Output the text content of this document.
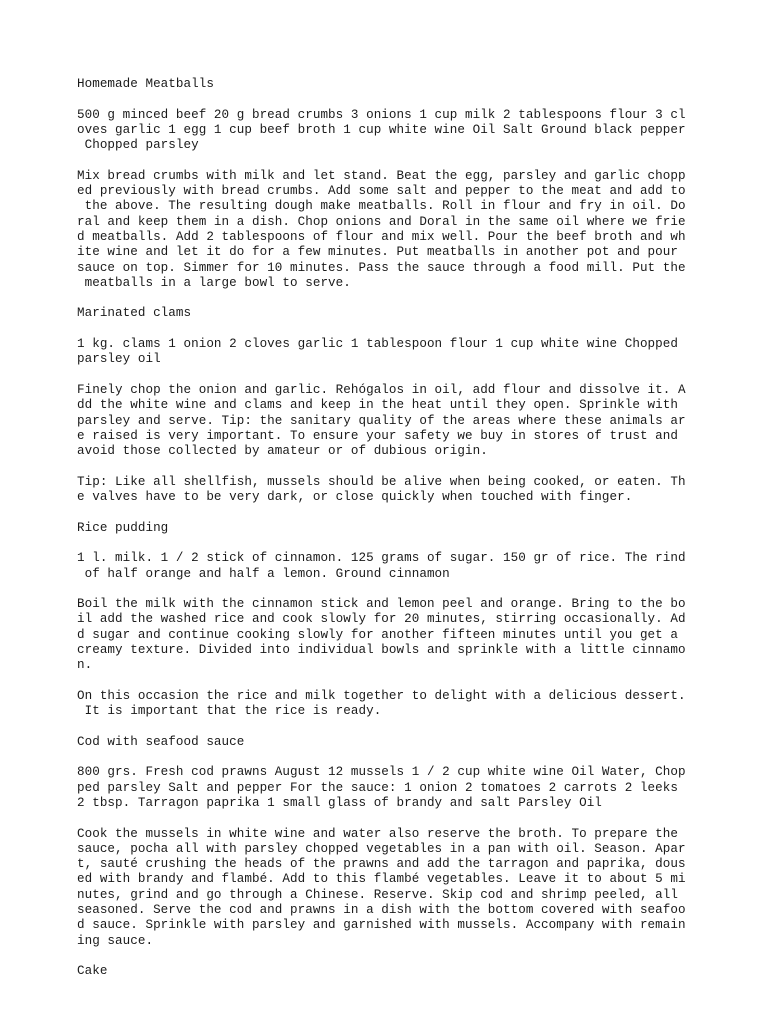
Homemade Meatballs

500 g minced beef 20 g bread crumbs 3 onions 1 cup milk 2 tablespoons flour 3 cl
oves garlic 1 egg 1 cup beef broth 1 cup white wine Oil Salt Ground black pepper
Chopped parsley

Mix bread crumbs with milk and let stand. Beat the egg, parsley and garlic chopp
ed previously with bread crumbs. Add some salt and pepper to the meat and add to
the above. The resulting dough make meatballs. Roll in flour and fry in oil. Do
ral and keep them in a dish. Chop onions and Doral in the same oil where we frie
d meatballs. Add 2 tablespoons of flour and mix well. Pour the beef broth and wh
ite wine and let it do for a few minutes. Put meatballs in another pot and pour
sauce on top. Simmer for 10 minutes. Pass the sauce through a food mill. Put the
meatballs in a large bowl to serve.

Marinated clams

1 kg. clams 1 onion 2 cloves garlic 1 tablespoon flour 1 cup white wine Chopped
parsley oil

Finely chop the onion and garlic. Rehógalos in oil, add flour and dissolve it. A
dd the white wine and clams and keep in the heat until they open. Sprinkle with
parsley and serve. Tip: the sanitary quality of the areas where these animals ar
e raised is very important. To ensure your safety we buy in stores of trust and
avoid those collected by amateur or of dubious origin.

Tip: Like all shellfish, mussels should be alive when being cooked, or eaten. Th
e valves have to be very dark, or close quickly when touched with finger.

Rice pudding

1 l. milk. 1 / 2 stick of cinnamon. 125 grams of sugar. 150 gr of rice. The rind
of half orange and half a lemon. Ground cinnamon

Boil the milk with the cinnamon stick and lemon peel and orange. Bring to the bo
il add the washed rice and cook slowly for 20 minutes, stirring occasionally. Ad
d sugar and continue cooking slowly for another fifteen minutes until you get a
creamy texture. Divided into individual bowls and sprinkle with a little cinnamo
n.

On this occasion the rice and milk together to delight with a delicious dessert.
It is important that the rice is ready.

Cod with seafood sauce

800 grs. Fresh cod prawns August 12 mussels 1 / 2 cup white wine Oil Water, Chop
ped parsley Salt and pepper For the sauce: 1 onion 2 tomatoes 2 carrots 2 leeks
2 tbsp. Tarragon paprika 1 small glass of brandy and salt Parsley Oil

Cook the mussels in white wine and water also reserve the broth. To prepare the
sauce, pocha all with parsley chopped vegetables in a pan with oil. Season. Apar
t, sauté crushing the heads of the prawns and add the tarragon and paprika, dous
ed with brandy and flambé. Add to this flambé vegetables. Leave it to about 5 mi
nutes, grind and go through a Chinese. Reserve. Skip cod and shrimp peeled, all
seasoned. Serve the cod and prawns in a dish with the bottom covered with seafoo
d sauce. Sprinkle with parsley and garnished with mussels. Accompany with remain
ing sauce.

Cake
